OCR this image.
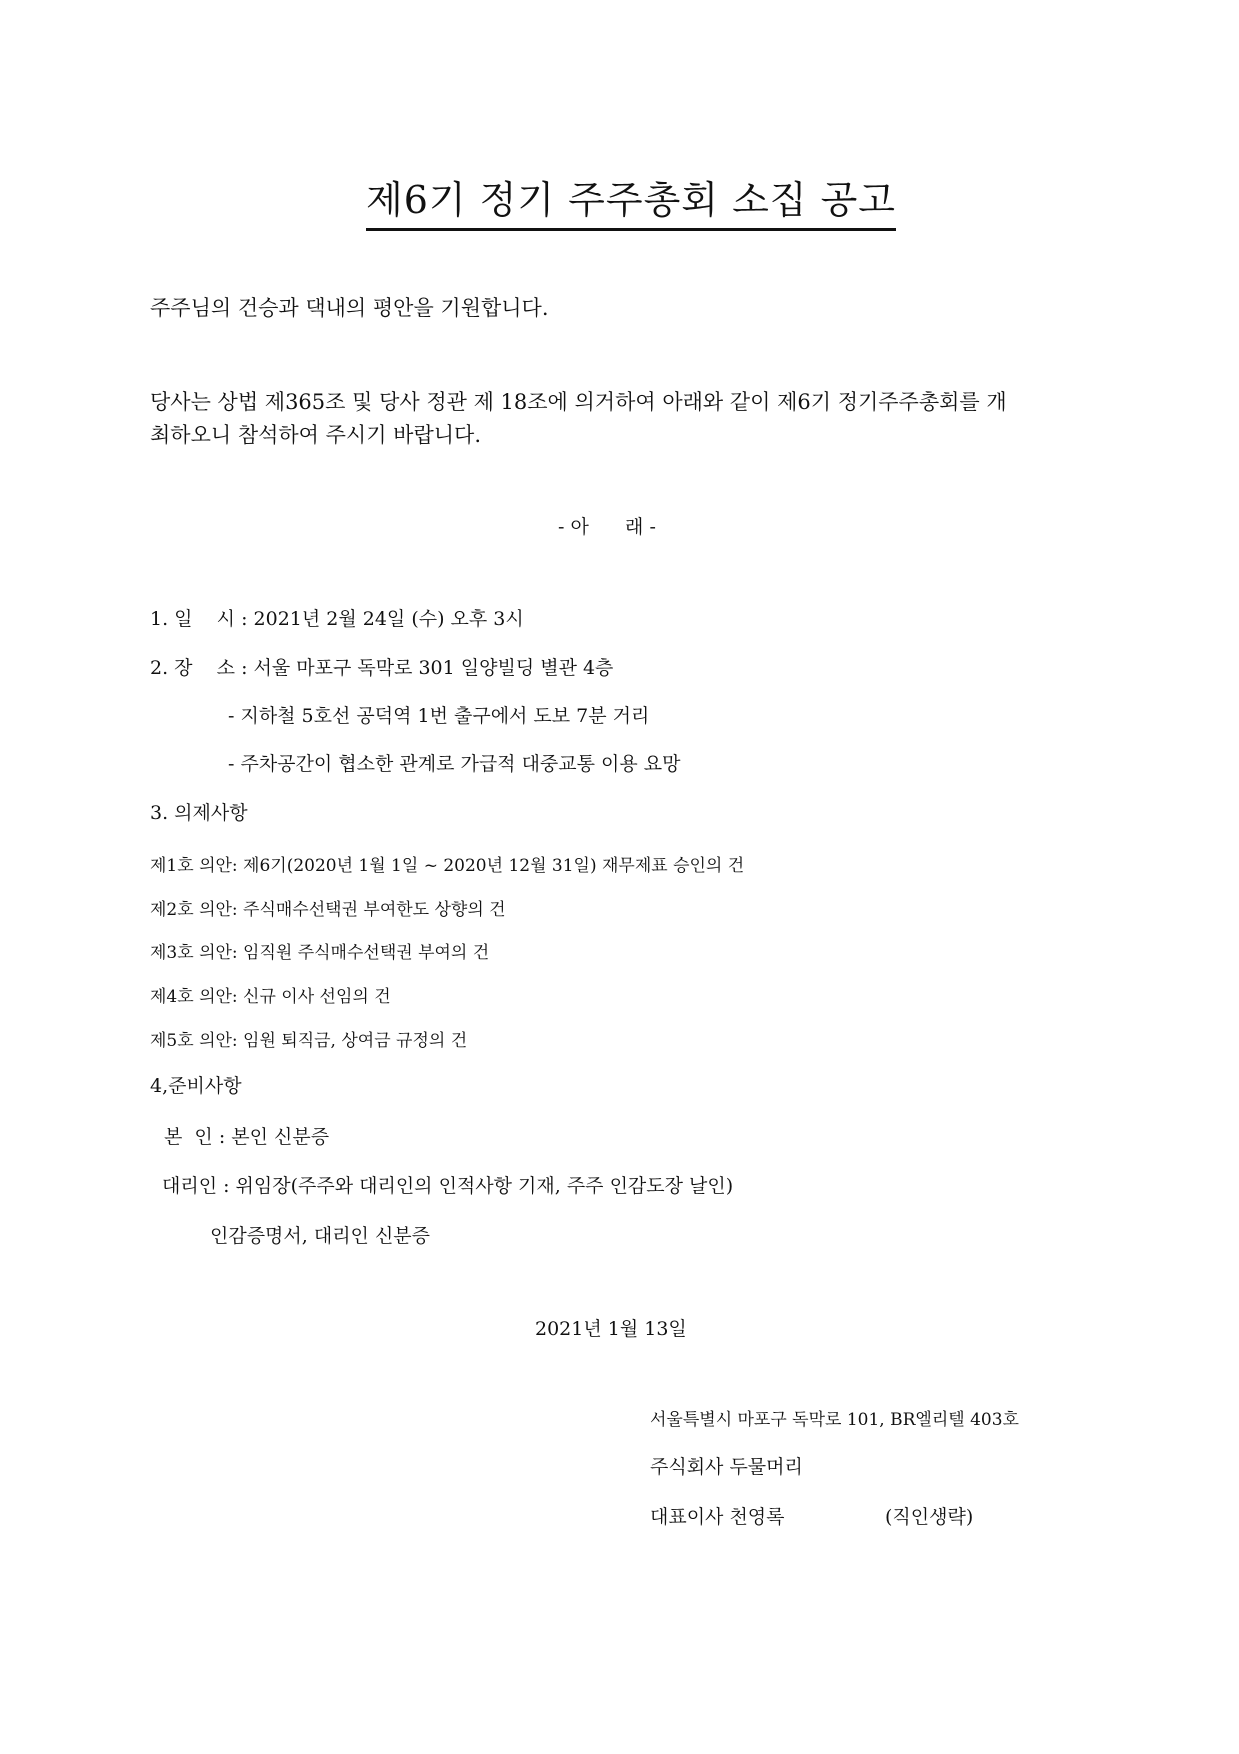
제6기 정기 주주총회 소집 공고

주주님의 건승과 댁내의 평안을 기원합니다.

당사는 상법 제365조 및 당사 정관 제 18조에 의거하여 아래와 같이 제6기 정기주주총회를 개

최하오니 참석하여 주시기 바랍니다.

- 아      래 -

1. 일    시 : 2021년 2월 24일 (수) 오후 3시

2. 장    소 : 서울 마포구 독막로 301 일양빌딩 별관 4층

- 지하철 5호선 공덕역 1번 출구에서 도보 7분 거리

- 주차공간이 협소한 관계로 가급적 대중교통 이용 요망

3. 의제사항

제1호 의안: 제6기(2020년 1월 1일 ~ 2020년 12월 31일) 재무제표 승인의 건

제2호 의안: 주식매수선택권 부여한도 상향의 건

제3호 의안: 임직원 주식매수선택권 부여의 건

제4호 의안: 신규 이사 선임의 건

제5호 의안: 임원 퇴직금, 상여금 규정의 건

4,준비사항

본  인 : 본인 신분증

대리인 : 위임장(주주와 대리인의 인적사항 기재, 주주 인감도장 날인)

인감증명서, 대리인 신분증

2021년 1월 13일

서울특별시 마포구 독막로 101, BR엘리텔 403호

주식회사 두물머리

대표이사 천영록	(직인생략)
